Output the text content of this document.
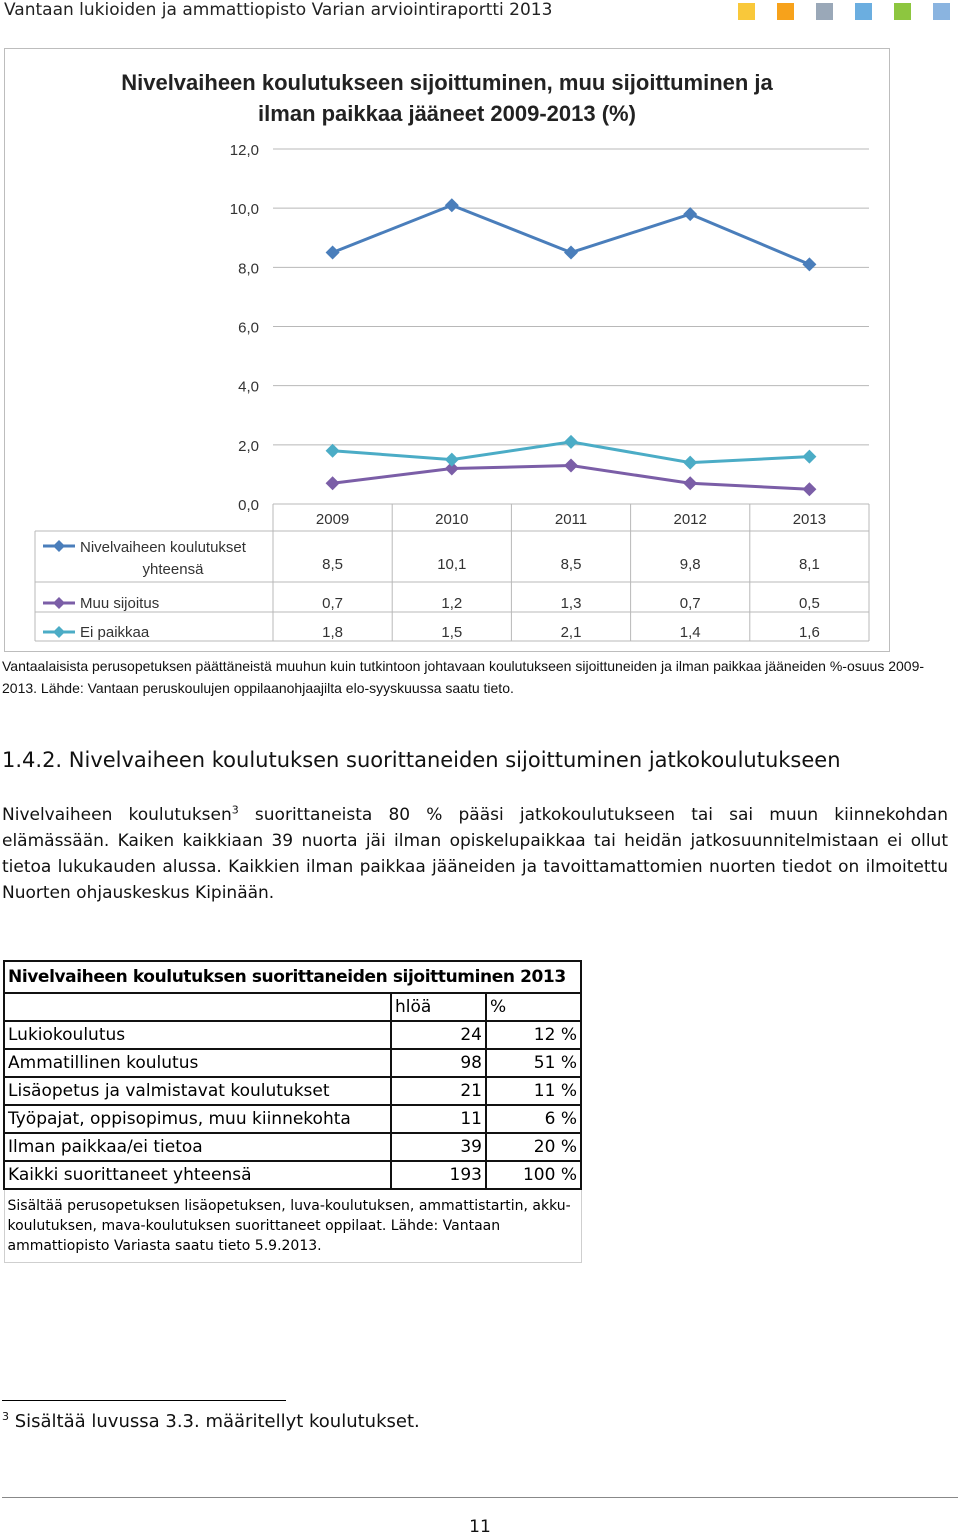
Vantaan lukioiden ja ammattiopisto Varian arviointiraportti 2013
Nivelvaiheen koulutukseen sijoittuminen, muu sijoittuminen ja
ilman paikkaa jääneet 2009-2013 (%)
0,0
2,0
4,0
6,0
8,0
10,0
12,0
2009	2010	2011	2012	2013
Nivelvaiheen koulutukset
yhteensä	8,5	10,1	8,5	9,8	8,1
Muu sijoitus	0,7	1,2	1,3	0,7	0,5
Ei paikkaa	1,8	1,5	2,1	1,4	1,6
Vantaalaisista perusopetuksen päättäneistä muuhun kuin tutkintoon johtavaan koulutukseen sijoittuneiden ja ilman paikkaa jääneiden %-osuus 2009-2013. Lähde: Vantaan peruskoulujen oppilaanohjaajilta elo-syyskuussa saatu tieto.
1.4.2. Nivelvaiheen koulutuksen suorittaneiden sijoittuminen jatkokoulutukseen
Nivelvaiheen koulutuksen$^3$ suorittaneista 80 % pääsi jatkokoulutukseen tai sai muun kiinnekohdan elämässään. Kaiken kaikkiaan 39 nuorta jäi ilman opiskelupaikkaa tai heidän jatkosuunnitelmistaan ei ollut tietoa lukukauden alussa. Kaikkien ilman paikkaa jääneiden ja tavoittamattomien nuorten tiedot on ilmoitettu Nuorten ohjauskeskus Kipinään.
Nivelvaiheen koulutuksen suorittaneiden sijoittuminen 2013		
	hlöä	%
Lukiokoulutus	24	12 %
Ammatillinen koulutus	98	51 %
Lisäopetus ja valmistavat koulutukset	21	11 %
Työpajat, oppisopimus, muu kiinnekohta	11	6 %
Ilman paikkaa/ei tietoa	39	20 %
Kaikki suorittaneet yhteensä	193	100 %
Sisältää perusopetuksen lisäopetuksen, luva-koulutuksen, ammattistartin, akku-koulutuksen, mava-koulutuksen suorittaneet oppilaat. Lähde: Vantaan ammattiopisto Variasta saatu tieto 5.9.2013.		
$^3$ Sisältää luvussa 3.3. määritellyt koulutukset.
11
